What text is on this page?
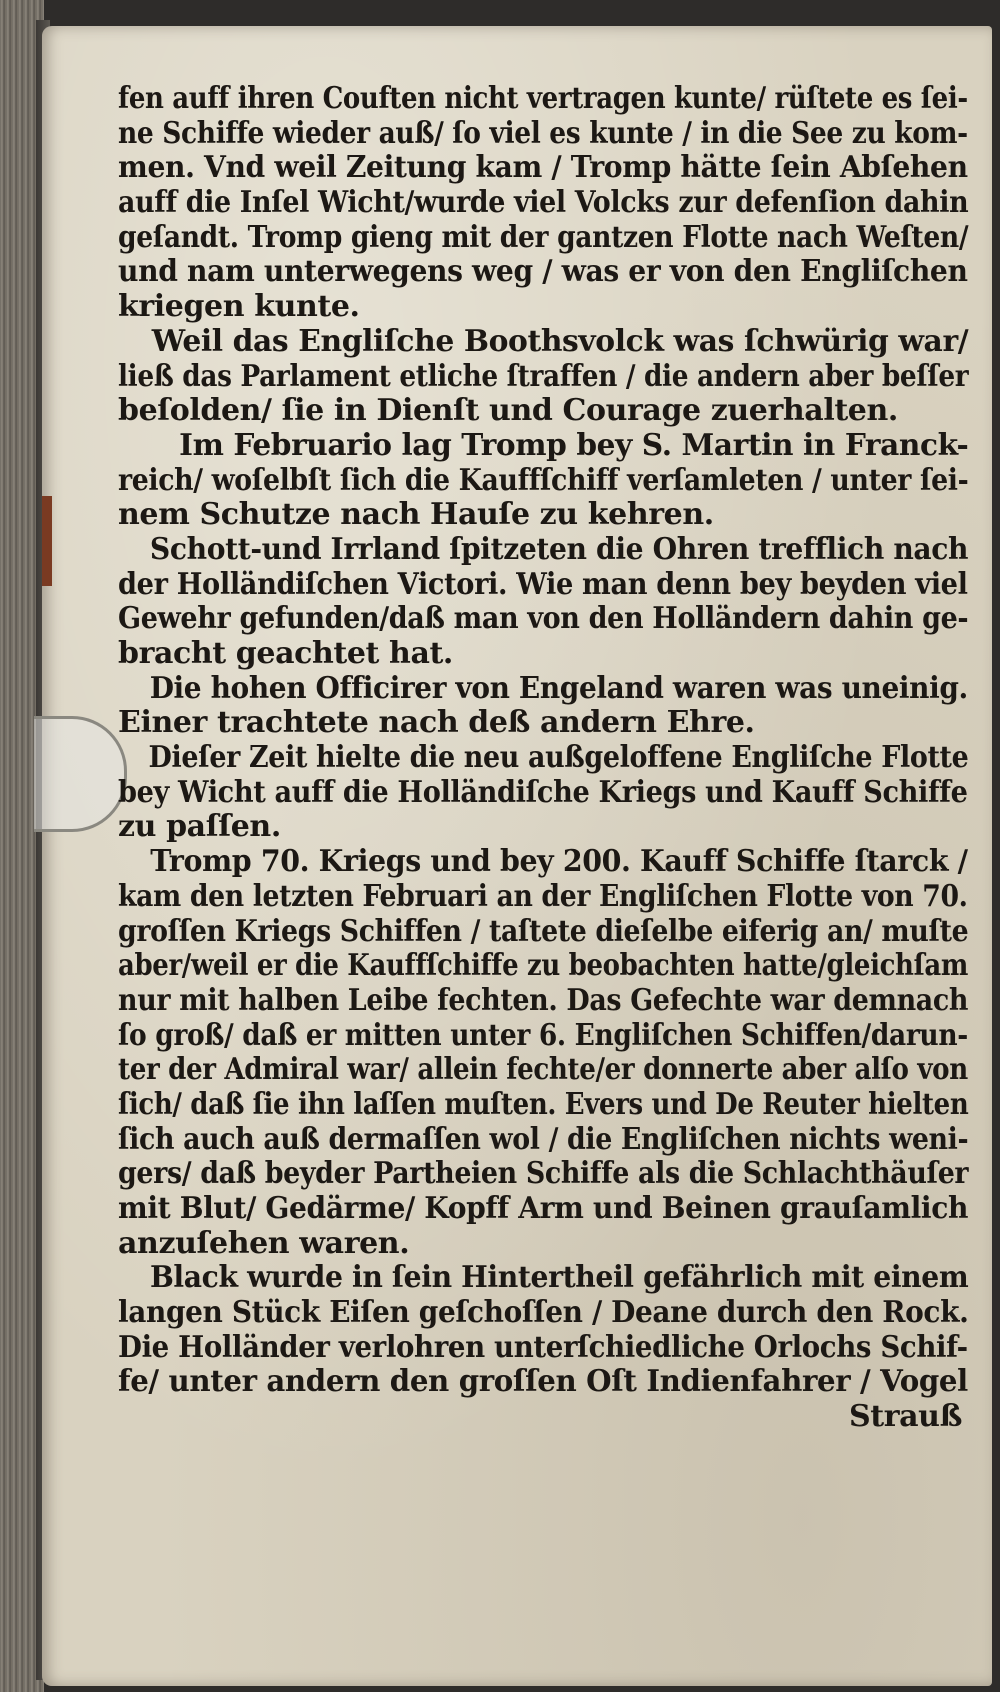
fen auff ihren Couften nicht vertragen kunte/ rüſtete es ſei-
ne Schiffe wieder auß/ ſo viel es kunte / in die See zu kom-
men. Vnd weil Zeitung kam / Tromp hätte ſein Abſehen
auff die Inſel Wicht/wurde viel Volcks zur defenſion dahin
geſandt. Tromp gieng mit der gantzen Flotte nach Weſten/
und nam unterwegens weg / was er von den Engliſchen
kriegen kunte.
Weil das Engliſche Boothsvolck was ſchwürig war/
ließ das Parlament etliche ſtraffen / die andern aber beſſer
beſolden/ ſie in Dienſt und Courage zuerhalten.
Im Februario lag Tromp bey S. Martin in Franck-
reich/ woſelbſt ſich die Kauffſchiff verſamleten / unter ſei-
nem Schutze nach Hauſe zu kehren.
Schott-und Irrland ſpitzeten die Ohren trefflich nach
der Holländiſchen Victori. Wie man denn bey beyden viel
Gewehr gefunden/daß man von den Holländern dahin ge-
bracht geachtet hat.
Die hohen Officirer von Engeland waren was uneinig.
Einer trachtete nach deß andern Ehre.
Dieſer Zeit hielte die neu außgeloffene Engliſche Flotte
bey Wicht auff die Holländiſche Kriegs und Kauff Schiffe
zu paſſen.
Tromp 70. Kriegs und bey 200. Kauff Schiffe ſtarck /
kam den letzten Februari an der Engliſchen Flotte von 70.
groſſen Kriegs Schiffen / taſtete dieſelbe eiferig an/ muſte
aber/weil er die Kauffſchiffe zu beobachten hatte/gleichſam
nur mit halben Leibe fechten. Das Gefechte war demnach
ſo groß/ daß er mitten unter 6. Engliſchen Schiffen/darun-
ter der Admiral war/ allein fechte/er donnerte aber alſo von
ſich/ daß ſie ihn laſſen muſten. Evers und De Reuter hielten
ſich auch auß dermaſſen wol / die Engliſchen nichts weni-
gers/ daß beyder Partheien Schiffe als die Schlachthäuſer
mit Blut/ Gedärme/ Kopff Arm und Beinen grauſamlich
anzuſehen waren.
Black wurde in ſein Hintertheil gefährlich mit einem
langen Stück Eiſen geſchoſſen / Deane durch den Rock.
Die Holländer verlohren unterſchiedliche Orlochs Schif-
fe/ unter andern den groſſen Oſt Indienfahrer / Vogel
Strauß
